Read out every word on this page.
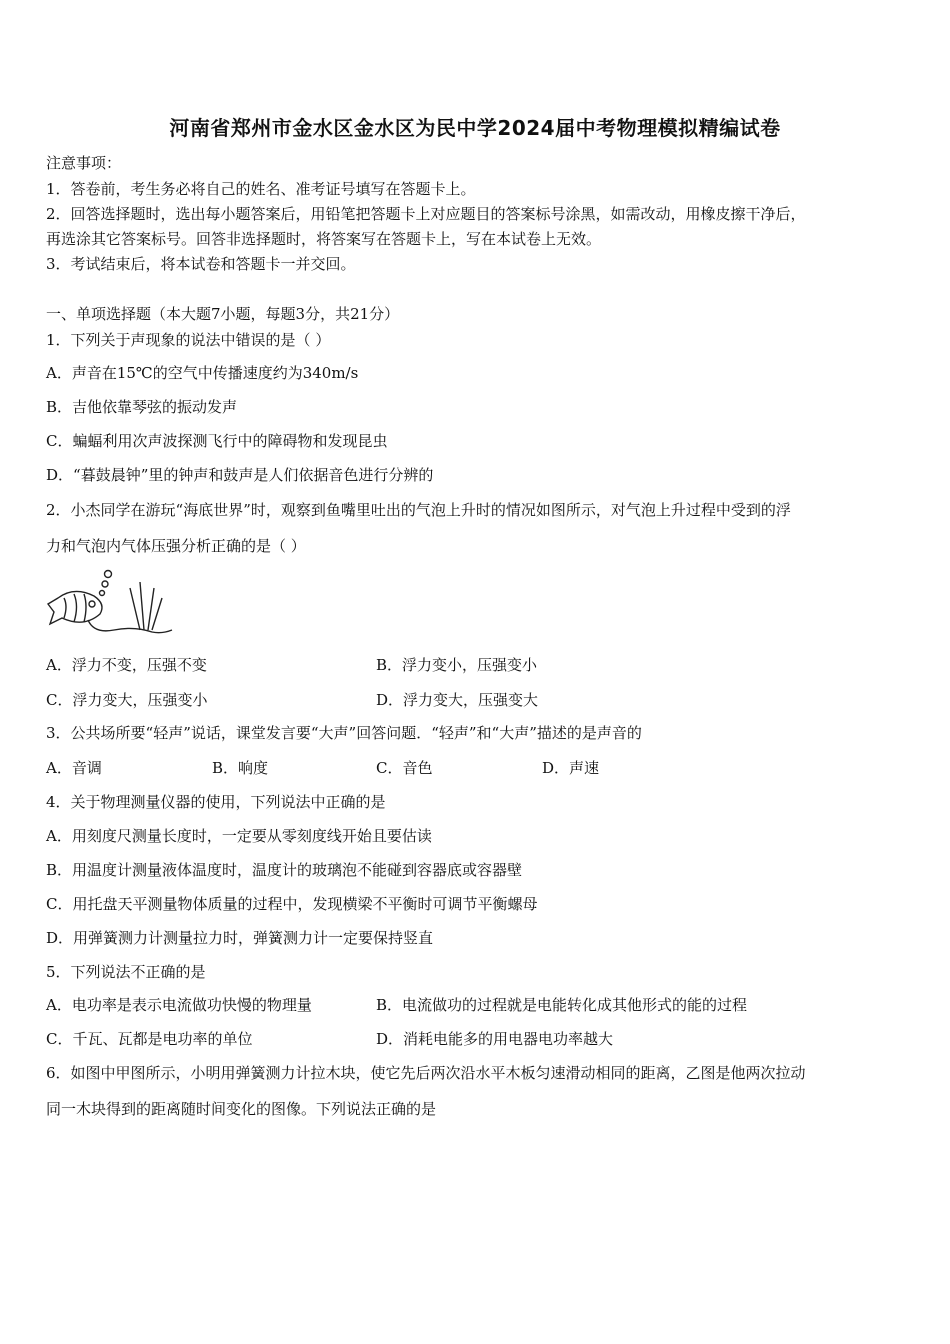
河南省郑州市金水区金水区为民中学2024届中考物理模拟精编试卷
注意事项：
1．答卷前，考生务必将自己的姓名、准考证号填写在答题卡上。
2．回答选择题时，选出每小题答案后，用铅笔把答题卡上对应题目的答案标号涂黑，如需改动，用橡皮擦干净后，
再选涂其它答案标号。回答非选择题时，将答案写在答题卡上，写在本试卷上无效。
3．考试结束后，将本试卷和答题卡一并交回。
一、单项选择题（本大题7小题，每题3分，共21分）
1．下列关于声现象的说法中错误的是（ ）
A．声音在15℃的空气中传播速度约为340m/s
B．吉他依靠琴弦的振动发声
C．蝙蝠利用次声波探测飞行中的障碍物和发现昆虫
D．“暮鼓晨钟”里的钟声和鼓声是人们依据音色进行分辨的
2．小杰同学在游玩“海底世界”时，观察到鱼嘴里吐出的气泡上升时的情况如图所示，对气泡上升过程中受到的浮
力和气泡内气体压强分析正确的是（ ）
A．浮力不变，压强不变	B．浮力变小，压强变小
C．浮力变大，压强变小	D．浮力变大，压强变大
3．公共场所要“轻声”说话，课堂发言要“大声”回答问题．“轻声”和“大声”描述的是声音的
A．音调	B．响度	C．音色	D．声速
4．关于物理测量仪器的使用，下列说法中正确的是
A．用刻度尺测量长度时，一定要从零刻度线开始且要估读
B．用温度计测量液体温度时，温度计的玻璃泡不能碰到容器底或容器壁
C．用托盘天平测量物体质量的过程中，发现横梁不平衡时可调节平衡螺母
D．用弹簧测力计测量拉力时，弹簧测力计一定要保持竖直
5．下列说法不正确的是
A．电功率是表示电流做功快慢的物理量	B．电流做功的过程就是电能转化成其他形式的能的过程
C．千瓦、瓦都是电功率的单位	D．消耗电能多的用电器电功率越大
6．如图中甲图所示，小明用弹簧测力计拉木块，使它先后两次沿水平木板匀速滑动相同的距离，乙图是他两次拉动
同一木块得到的距离随时间变化的图像。下列说法正确的是
